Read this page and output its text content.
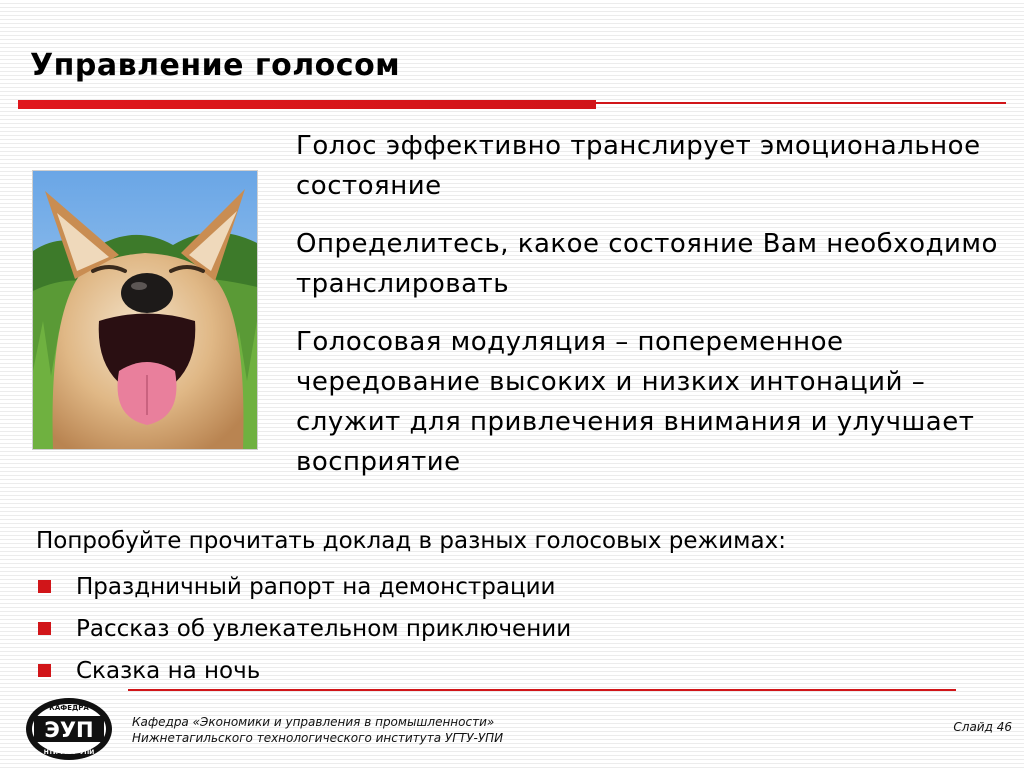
Управление голосом

Голос эффективно транслирует эмоциональное состояние

Определитесь, какое состояние Вам необходимо транслировать

Голосовая модуляция – попеременное чередование высоких и низких интонаций – служит для привлечения внимания и улучшает восприятие

Попробуйте прочитать доклад в разных голосовых режимах:

Праздничный рапорт на демонстрации
Рассказ об увлекательном приключении
Сказка на ночь
ЭУП
КАФЕДРА
НТИ УГТУ-УПИ
Кафедра «Экономики и управления в промышленности»
Нижнетагильского технологического института УГТУ-УПИ
Слайд 46
